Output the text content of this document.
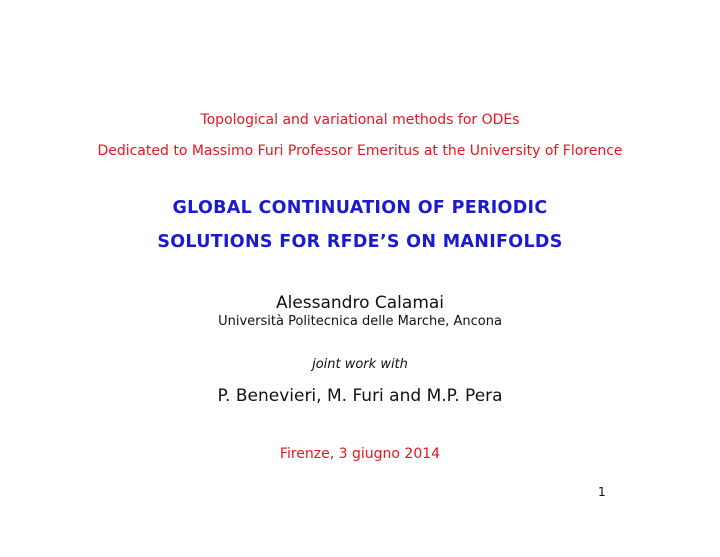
Topological and variational methods for ODEs
Dedicated to Massimo Furi Professor Emeritus at the University of Florence
GLOBAL CONTINUATION OF PERIODIC
SOLUTIONS FOR RFDE’S ON MANIFOLDS
Alessandro Calamai
Università Politecnica delle Marche, Ancona
joint work with
P. Benevieri, M. Furi and M.P. Pera
Firenze, 3 giugno 2014
1
